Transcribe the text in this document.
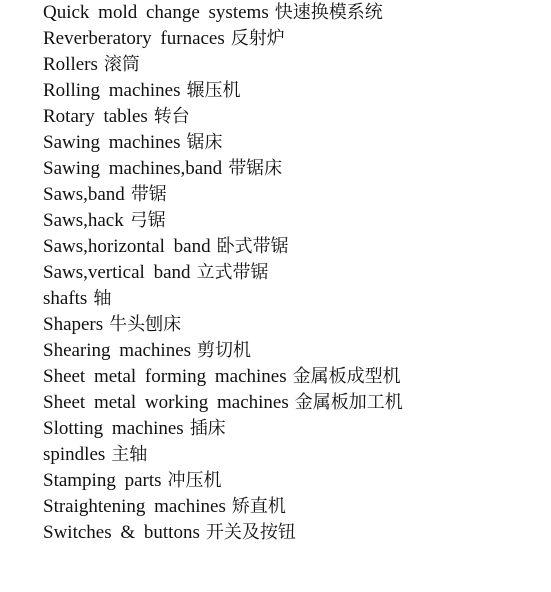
Quick mold change systems 快速换模系统
Reverberatory furnaces 反射炉
Rollers 滚筒
Rolling machines 辗压机
Rotary tables 转台
Sawing machines 锯床
Sawing machines,band 带锯床
Saws,band 带锯
Saws,hack 弓锯
Saws,horizontal band 卧式带锯
Saws,vertical band 立式带锯
shafts 轴
Shapers 牛头刨床
Shearing machines 剪切机
Sheet metal forming machines 金属板成型机
Sheet metal working machines 金属板加工机
Slotting machines 插床
spindles 主轴
Stamping parts 冲压机
Straightening machines 矫直机
Switches & buttons 开关及按钮
